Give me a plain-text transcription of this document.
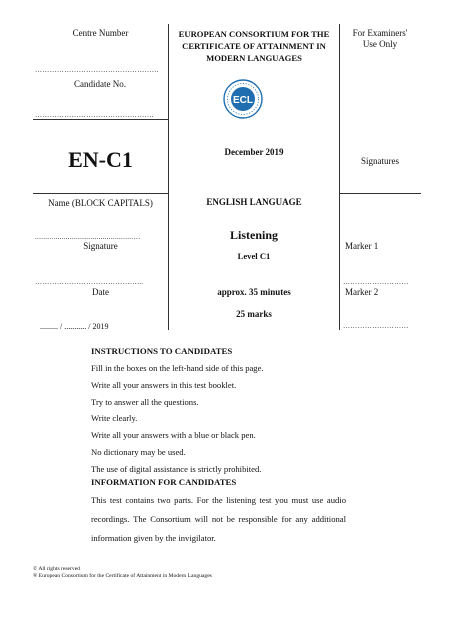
Centre Number
……………………………………………
Candidate No.
………………………………………….
EN-C1
Name (BLOCK CAPITALS)
................................................…
Signature
……………………………………...
Date
......... / ........... / 2019
EUROPEAN CONSORTIUM FOR THE
CERTIFICATE OF ATTAINMENT IN
MODERN LANGUAGES
ECL
December 2019
ENGLISH LANGUAGE
Listening
Level C1
approx. 35 minutes
25 marks
For Examiners'
Use Only
Signatures
Marker 1
………………………
Marker 2
………………………
INSTRUCTIONS TO CANDIDATES

Fill in the boxes on the left-hand side of this page.

Write all your answers in this test booklet.

Try to answer all the questions.

Write clearly.

Write all your answers with a blue or black pen.

No dictionary may be used.

The use of digital assistance is strictly prohibited.

INFORMATION FOR CANDIDATES

This test contains two parts. For the listening test you must use audio recordings. The Consortium will not be responsible for any additional information given by the invigilator.

© All rights reserved
® European Consortium for the Certificate of Attainment in Modern Languages
